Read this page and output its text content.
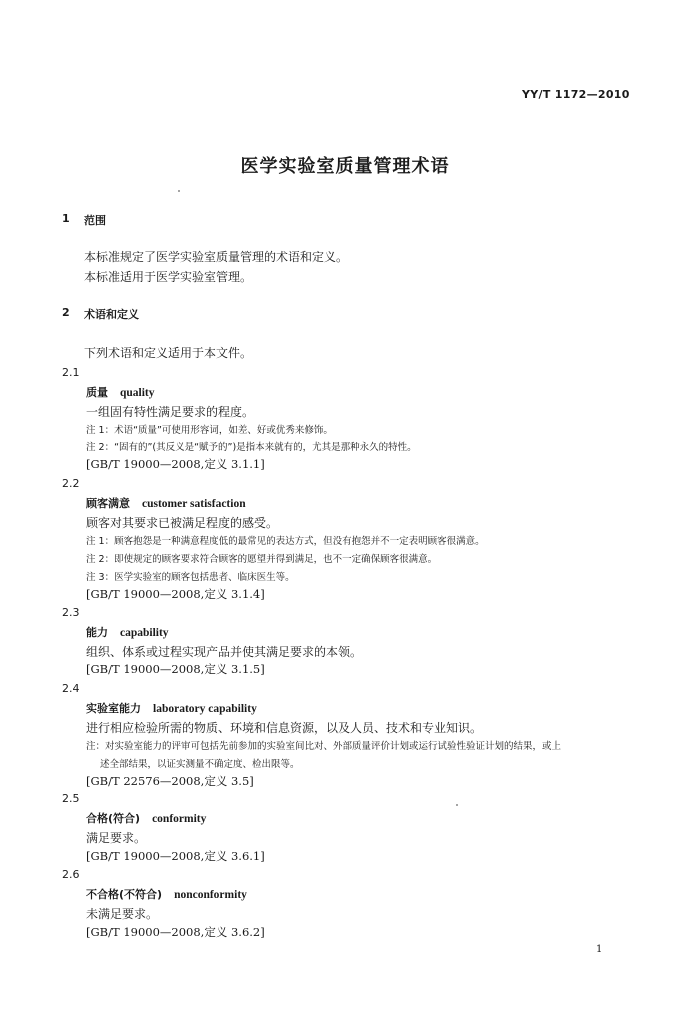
YY/T 1172—2010
医学实验室质量管理术语
1 范围
本标准规定了医学实验室质量管理的术语和定义。
本标准适用于医学实验室管理。
2 术语和定义
下列术语和定义适用于本文件。
2.1
质量 quality
一组固有特性满足要求的程度。
注 1：术语“质量”可使用形容词，如差、好或优秀来修饰。
注 2：“固有的”(其反义是“赋予的”)是指本来就有的，尤其是那种永久的特性。
[GB/T 19000—2008,定义 3.1.1]
2.2
顾客满意 customer satisfaction
顾客对其要求已被满足程度的感受。
注 1：顾客抱怨是一种满意程度低的最常见的表达方式，但没有抱怨并不一定表明顾客很满意。
注 2：即使规定的顾客要求符合顾客的愿望并得到满足，也不一定确保顾客很满意。
注 3：医学实验室的顾客包括患者、临床医生等。
[GB/T 19000—2008,定义 3.1.4]
2.3
能力 capability
组织、体系或过程实现产品并使其满足要求的本领。
[GB/T 19000—2008,定义 3.1.5]
2.4
实验室能力 laboratory capability
进行相应检验所需的物质、环境和信息资源，以及人员、技术和专业知识。
注：对实验室能力的评审可包括先前参加的实验室间比对、外部质量评价计划或运行试验性验证计划的结果，或上
述全部结果，以证实测量不确定度、检出限等。
[GB/T 22576—2008,定义 3.5]
2.5
合格(符合) conformity
满足要求。
[GB/T 19000—2008,定义 3.6.1]
2.6
不合格(不符合) nonconformity
未满足要求。
[GB/T 19000—2008,定义 3.6.2]
1
